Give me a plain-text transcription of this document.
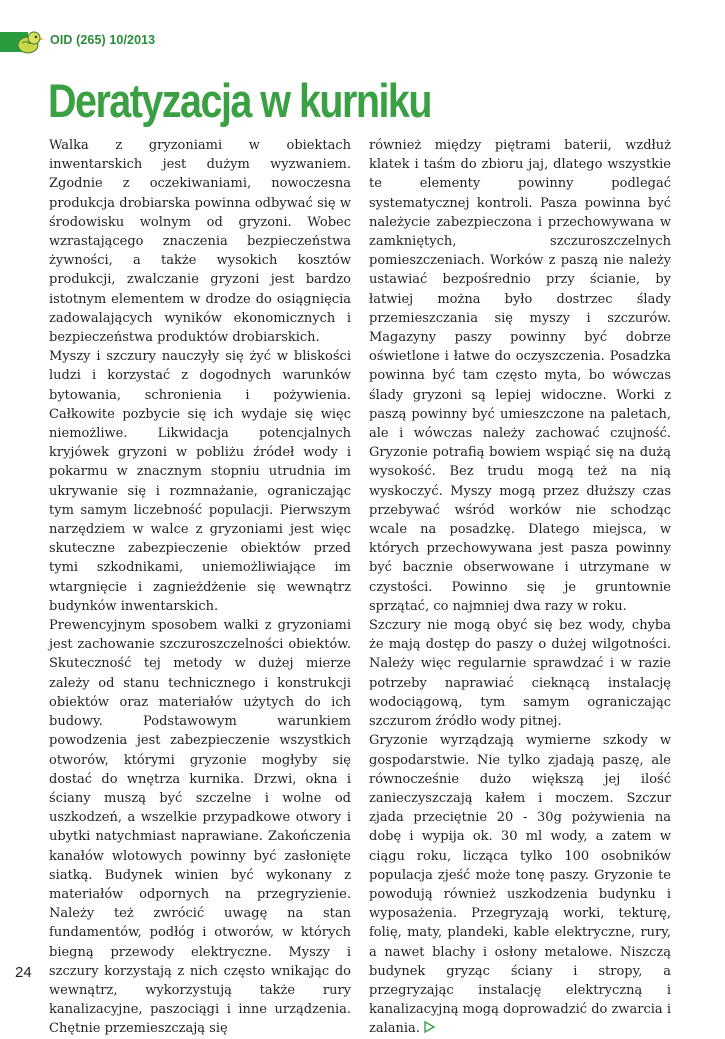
OID (265) 10/2013
Deratyzacja w kurniku

Walka z gryzoniami w obiektach inwentarskich jest dużym wyzwaniem. Zgodnie z oczekiwaniami, nowoczesna produkcja drobiarska powinna odbywać się w środowisku wolnym od gryzoni. Wobec wzrastającego znaczenia bezpieczeństwa żywności, a także wysokich kosztów produkcji, zwalczanie gryzoni jest bardzo istotnym elementem w drodze do osiągnięcia zadowalających wyników ekonomicznych i bezpieczeństwa produktów drobiarskich.

Myszy i szczury nauczyły się żyć w bliskości ludzi i korzystać z dogodnych warunków bytowania, schronienia i pożywienia. Całkowite pozbycie się ich wydaje się więc niemożliwe. Likwidacja potencjalnych kryjówek gryzoni w pobliżu źródeł wody i pokarmu w znacznym stopniu utrudnia im ukrywanie się i rozmnażanie, ograniczając tym samym liczebność populacji. Pierwszym narzędziem w walce z gryzoniami jest więc skuteczne zabezpieczenie obiektów przed tymi szkodnikami, uniemożliwiające im wtargnięcie i zagnieżdżenie się wewnątrz budynków inwentarskich.

Prewencyjnym sposobem walki z gryzoniami jest zachowanie szczuroszczelności obiektów. Skuteczność tej metody w dużej mierze zależy od stanu technicznego i konstrukcji obiektów oraz materiałów użytych do ich budowy. Podstawowym warunkiem powodzenia jest zabezpieczenie wszystkich otworów, którymi gryzonie mogłyby się dostać do wnętrza kurnika. Drzwi, okna i ściany muszą być szczelne i wolne od uszkodzeń, a wszelkie przypadkowe otwory i ubytki natychmiast naprawiane. Zakończenia kanałów wlotowych powinny być zasłonięte siatką. Budynek winien być wykonany z materiałów odpornych na przegryzienie. Należy też zwrócić uwagę na stan fundamentów, podłóg i otworów, w których biegną przewody elektryczne. Myszy i szczury korzystają z nich często wnikając do wewnątrz, wykorzystują także rury kanalizacyjne, paszociągi i inne urządzenia. Chętnie przemieszczają się

również między piętrami baterii, wzdłuż klatek i taśm do zbioru jaj, dlatego wszystkie te elementy powinny podlegać systematycznej kontroli. Pasza powinna być należycie zabezpieczona i przechowywana w zamkniętych, szczuroszczelnych pomieszczeniach. Worków z paszą nie należy ustawiać bezpośrednio przy ścianie, by łatwiej można było dostrzec ślady przemieszczania się myszy i szczurów. Magazyny paszy powinny być dobrze oświetlone i łatwe do oczyszczenia. Posadzka powinna być tam często myta, bo wówczas ślady gryzoni są lepiej widoczne. Worki z paszą powinny być umieszczone na paletach, ale i wówczas należy zachować czujność. Gryzonie potrafią bowiem wspiąć się na dużą wysokość. Bez trudu mogą też na nią wyskoczyć. Myszy mogą przez dłuższy czas przebywać wśród worków nie schodząc wcale na posadzkę. Dlatego miejsca, w których przechowywana jest pasza powinny być bacznie obserwowane i utrzymane w czystości. Powinno się je gruntownie sprzątać, co najmniej dwa razy w roku.

Szczury nie mogą obyć się bez wody, chyba że mają dostęp do paszy o dużej wilgotności. Należy więc regularnie sprawdzać i w razie potrzeby naprawiać cieknącą instalację wodociągową, tym samym ograniczając szczurom źródło wody pitnej.

Gryzonie wyrządzają wymierne szkody w gospodarstwie. Nie tylko zjadają paszę, ale równocześnie dużo większą jej ilość zanieczyszczają kałem i moczem. Szczur zjada przeciętnie 20 - 30g pożywienia na dobę i wypija ok. 30 ml wody, a zatem w ciągu roku, licząca tylko 100 osobników populacja zjeść może tonę paszy. Gryzonie te powodują również uszkodzenia budynku i wyposażenia. Przegryzają worki, tekturę, folię, maty, plandeki, kable elektryczne, rury, a nawet blachy i osłony metalowe. Niszczą budynek gryząc ściany i stropy, a przegryzając instalację elektryczną i kanalizacyjną mogą doprowadzić do zwarcia i zalania.

24
